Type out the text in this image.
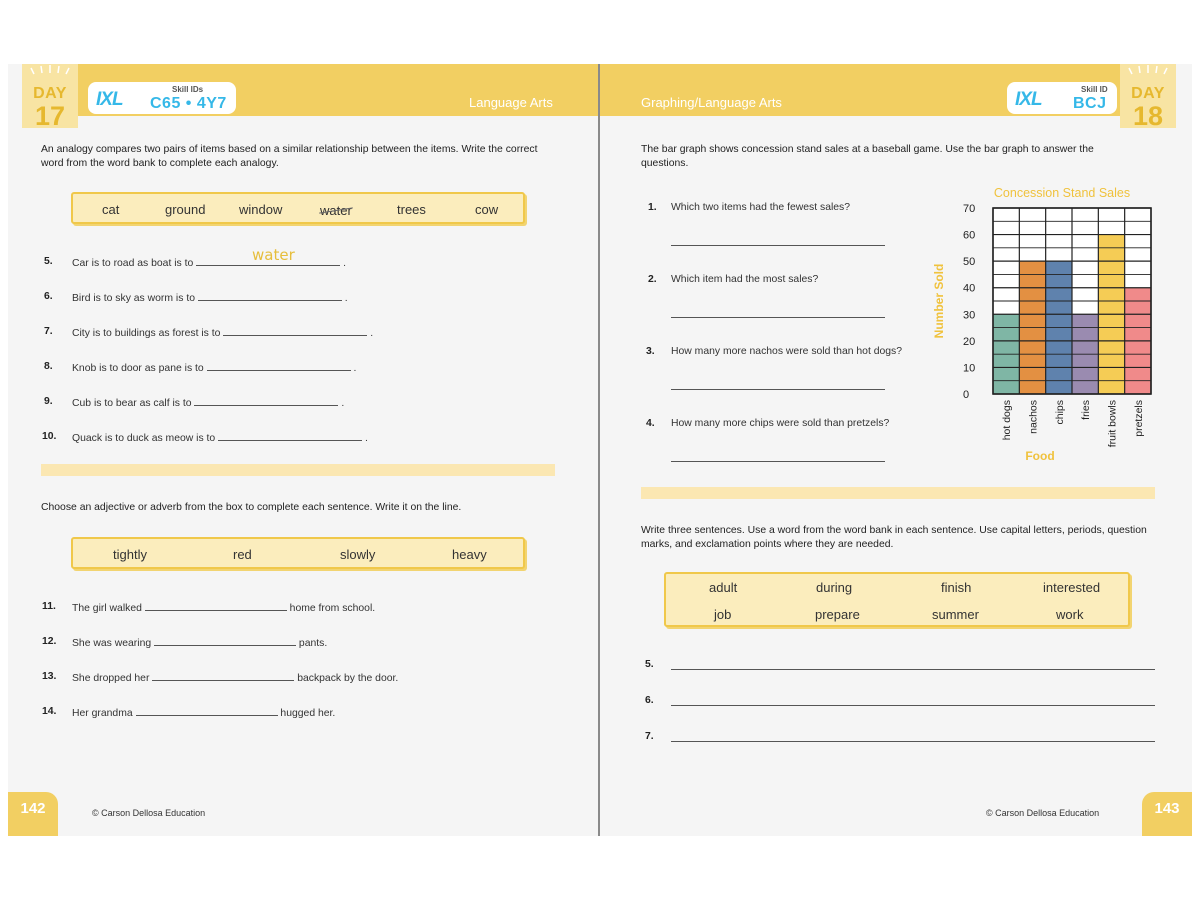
DAY
17
IXL	Skill IDs
C65 • 4Y7	Language Arts

An analogy compares two pairs of items based on a similar relationship between the items. Write the correct word from the word bank to complete each analogy.

cat	ground	window	$_{water}$	trees	cow
5. Car is to road as boat is to	.
water
6. Bird is to sky as worm is to	.
7. City is to buildings as forest is to	.
8. Knob is to door as pane is to	.
9. Cub is to bear as calf is to	.
10. Quack is to duck as meow is to	.

Choose an adjective or adverb from the box to complete each sentence. Write it on the line.

tightly	red	slowly	heavy
11. The girl walked	home from school.
12. She was wearing	pants.
13. She dropped her	backpack by the door.
14. Her grandma	hugged her.
142	© Carson Dellosa Education
DAY
18
IXL	Skill ID
BCJ
Graphing/Language Arts

The bar graph shows concession stand sales at a baseball game. Use the bar graph to answer the questions.

1. Which two items had the fewest sales?
2. Which item had the most sales?
3. How many more nachos were sold than hot dogs?
4. How many more chips were sold than pretzels?
0
10
20
30
40
50
60
70
hot dogs nachos chips fries fruit bowls pretzels
Concession Stand Sales
Number Sold
Food

Write three sentences. Use a word from the word bank in each sentence. Use capital letters, periods, question marks, and exclamation points where they are needed.

adult	during	finish	interested
job	prepare	summer	work
5.
6.
7.
143
© Carson Dellosa Education
